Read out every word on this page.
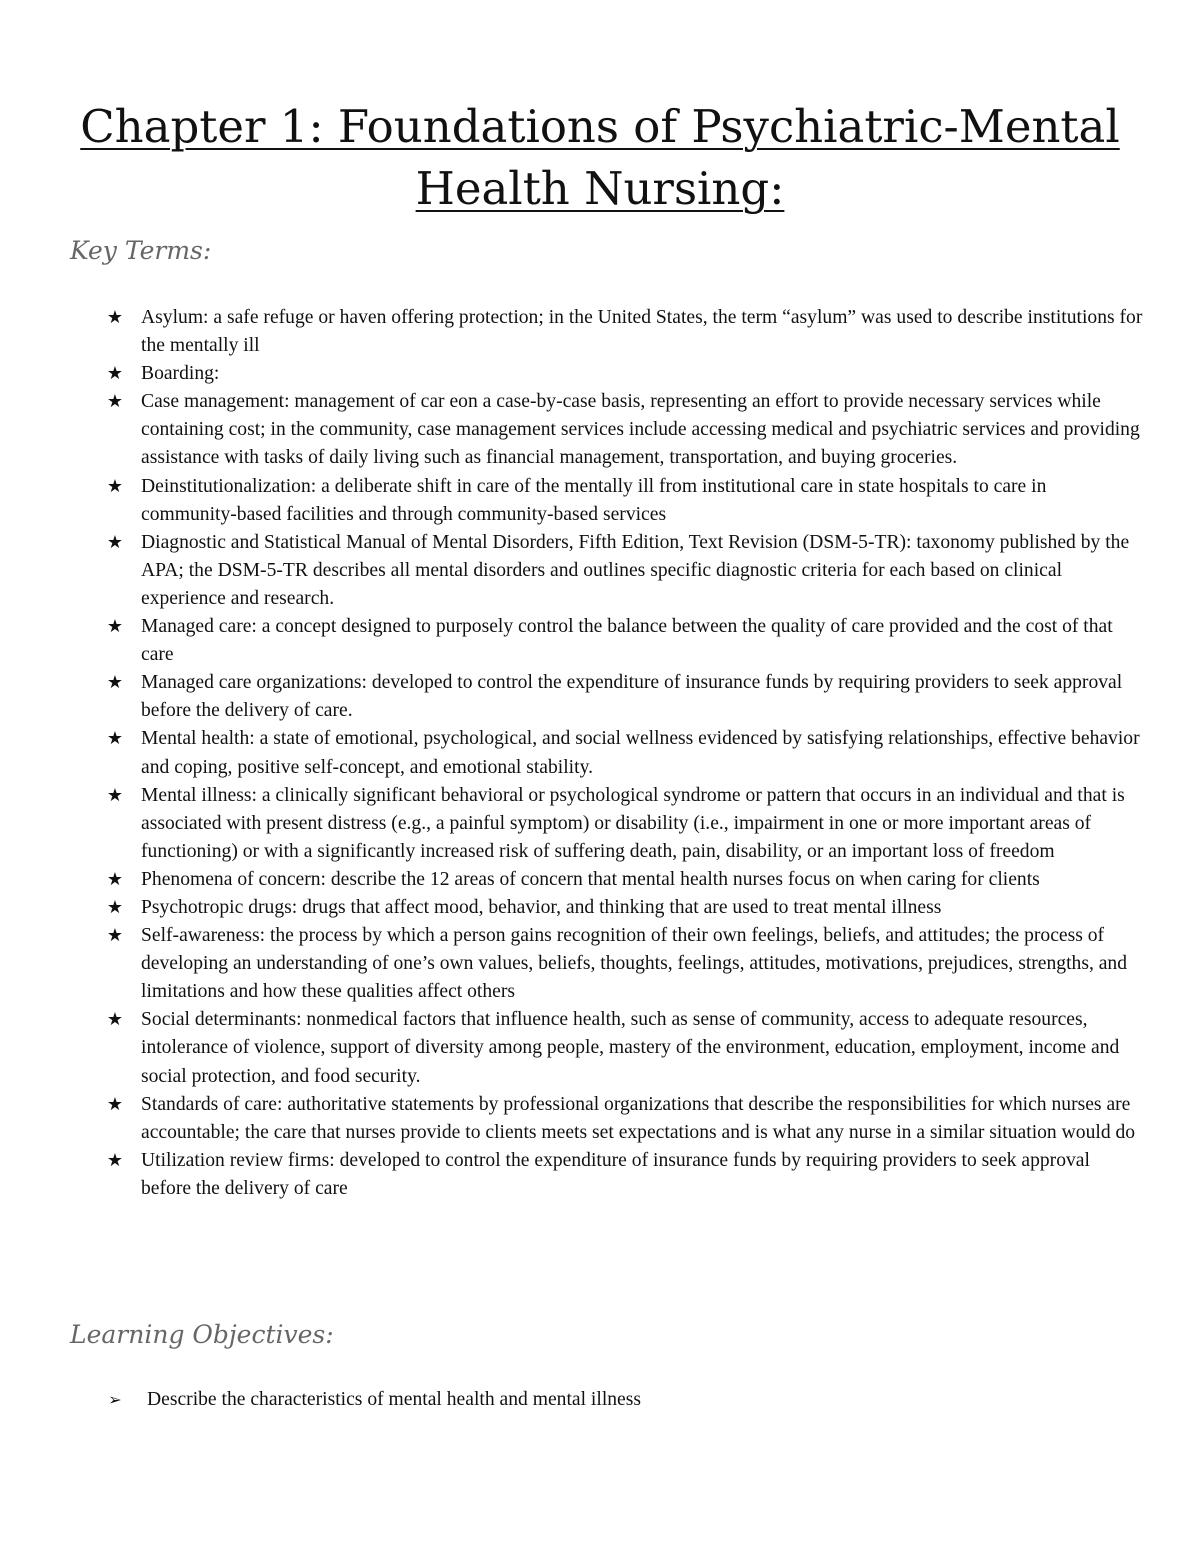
Chapter 1: Foundations of Psychiatric-Mental Health Nursing:
Key Terms:
★ Asylum: a safe refuge or haven offering protection; in the United States, the term “asylum” was used to describe institutions for the mentally ill
★ Boarding:
★ Case management: management of car eon a case-by-case basis, representing an effort to provide necessary services while containing cost; in the community, case management services include accessing medical and psychiatric services and providing assistance with tasks of daily living such as financial management, transportation, and buying groceries.
★ Deinstitutionalization: a deliberate shift in care of the mentally ill from institutional care in state hospitals to care in community-based facilities and through community-based services
★ Diagnostic and Statistical Manual of Mental Disorders, Fifth Edition, Text Revision (DSM-5-TR): taxonomy published by the APA; the DSM-5-TR describes all mental disorders and outlines specific diagnostic criteria for each based on clinical experience and research.
★ Managed care: a concept designed to purposely control the balance between the quality of care provided and the cost of that care
★ Managed care organizations: developed to control the expenditure of insurance funds by requiring providers to seek approval before the delivery of care.
★ Mental health: a state of emotional, psychological, and social wellness evidenced by satisfying relationships, effective behavior and coping, positive self-concept, and emotional stability.
★ Mental illness: a clinically significant behavioral or psychological syndrome or pattern that occurs in an individual and that is associated with present distress (e.g., a painful symptom) or disability (i.e., impairment in one or more important areas of functioning) or with a significantly increased risk of suffering death, pain, disability, or an important loss of freedom
★ Phenomena of concern: describe the 12 areas of concern that mental health nurses focus on when caring for clients
★ Psychotropic drugs: drugs that affect mood, behavior, and thinking that are used to treat mental illness
★ Self-awareness: the process by which a person gains recognition of their own feelings, beliefs, and attitudes; the process of developing an understanding of one’s own values, beliefs, thoughts, feelings, attitudes, motivations, prejudices, strengths, and limitations and how these qualities affect others
★ Social determinants: nonmedical factors that influence health, such as sense of community, access to adequate resources, intolerance of violence, support of diversity among people, mastery of the environment, education, employment, income and social protection, and food security.
★ Standards of care: authoritative statements by professional organizations that describe the responsibilities for which nurses are accountable; the care that nurses provide to clients meets set expectations and is what any nurse in a similar situation would do
★ Utilization review firms: developed to control the expenditure of insurance funds by requiring providers to seek approval before the delivery of care
Learning Objectives:
➢ Describe the characteristics of mental health and mental illness
